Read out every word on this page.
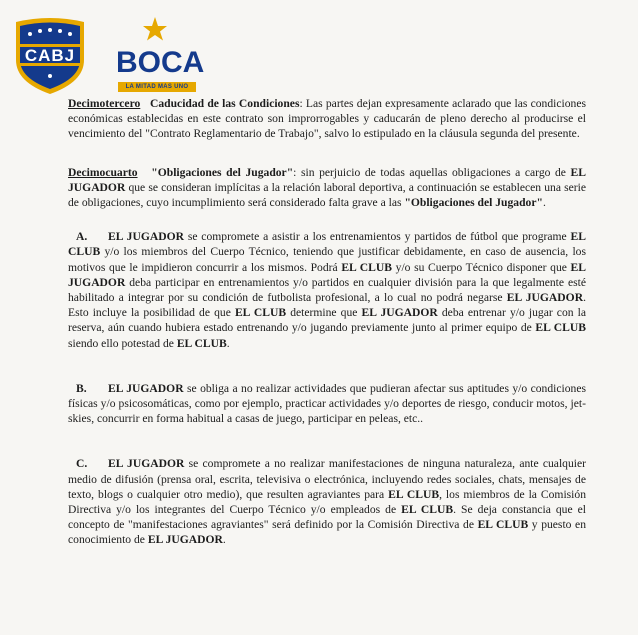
CABJ	BOCA
LA MITAD MAS UNO

Decimotercero Caducidad de las Condiciones: Las partes dejan expresamente aclarado que las condiciones económicas establecidas en este contrato son improrrogables y caducarán de pleno derecho al producirse el vencimiento del "Contrato Reglamentario de Trabajo", salvo lo estipulado en la cláusula segunda del presente.

Decimocuarto "Obligaciones del Jugador": sin perjuicio de todas aquellas obligaciones a cargo de EL JUGADOR que se consideran implícitas a la relación laboral deportiva, a continuación se establecen una serie de obligaciones, cuyo incumplimiento será considerado falta grave a las "Obligaciones del Jugador".

A. EL JUGADOR se compromete a asistir a los entrenamientos y partidos de fútbol que programe EL CLUB y/o los miembros del Cuerpo Técnico, teniendo que justificar debidamente, en caso de ausencia, los motivos que le impidieron concurrir a los mismos. Podrá EL CLUB y/o su Cuerpo Técnico disponer que EL JUGADOR deba participar en entrenamientos y/o partidos en cualquier división para la que legalmente esté habilitado a integrar por su condición de futbolista profesional, a lo cual no podrá negarse EL JUGADOR. Esto incluye la posibilidad de que EL CLUB determine que EL JUGADOR deba entrenar y/o jugar con la reserva, aún cuando hubiera estado entrenando y/o jugando previamente junto al primer equipo de EL CLUB siendo ello potestad de EL CLUB.

B. EL JUGADOR se obliga a no realizar actividades que pudieran afectar sus aptitudes y/o condiciones físicas y/o psicosomáticas, como por ejemplo, practicar actividades y/o deportes de riesgo, conducir motos, jet-skies, concurrir en forma habitual a casas de juego, participar en peleas, etc..

C. EL JUGADOR se compromete a no realizar manifestaciones de ninguna naturaleza, ante cualquier medio de difusión (prensa oral, escrita, televisiva o electrónica, incluyendo redes sociales, chats, mensajes de texto, blogs o cualquier otro medio), que resulten agraviantes para EL CLUB, los miembros de la Comisión Directiva y/o los integrantes del Cuerpo Técnico y/o empleados de EL CLUB. Se deja constancia que el concepto de "manifestaciones agraviantes" será definido por la Comisión Directiva de EL CLUB y puesto en conocimiento de EL JUGADOR.
